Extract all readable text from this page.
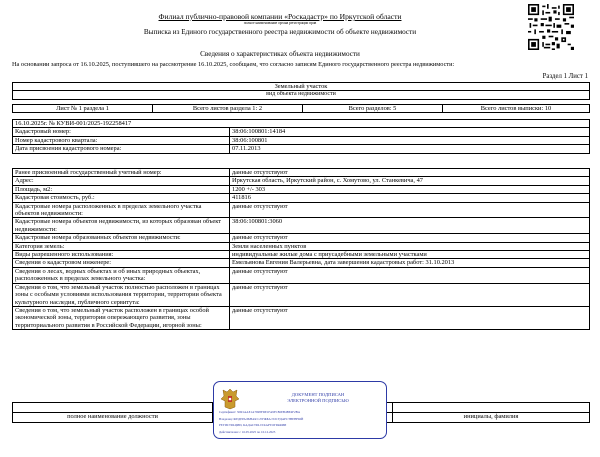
Филиал публично-правовой компании «Роскадастр» по Иркутской области
полное наименование органа регистрации прав
Выписка из Единого государственного реестра недвижимости об объекте недвижимости
Сведения о характеристиках объекта недвижимости
На основании запроса от 16.10.2025, поступившего на рассмотрение 16.10.2025, сообщаем, что согласно записям Единого государственного реестра недвижимости:
Раздел 1 Лист 1
Земельный участок
вид объекта недвижимости
Лист № 1 раздела 1	Всего листов раздела 1: 2	Всего разделов: 5	Всего листов выписки: 10
16.10.2025г. № КУВИ-001/2025-192258417	
Кадастровый номер:	38:06:100801:14184
Номер кадастрового квартала:	38:06:100801
Дата присвоения кадастрового номера:	07.11.2013
Ранее присвоенный государственный учетный номер:	данные отсутствуют
Адрес:	Иркутская область, Иркутский район, с. Хомутово, ул. Станкевича, 47
Площадь, м2:	1200 +/- 303
Кадастровая стоимость, руб.:	411816
Кадастровые номера расположенных в пределах земельного участка объектов недвижимости:	данные отсутствуют
Кадастровые номера объектов недвижимости, из которых образован объект недвижимости:	38:06:100801:3060
Кадастровые номера образованных объектов недвижимости:	данные отсутствуют
Категория земель:	Земли населенных пунктов
Виды разрешенного использования:	индивидуальные жилые дома с приусадебными земельными участками
Сведения о кадастровом инженере:	Емельянова Евгения Валерьевна, дата завершения кадастровых работ: 31.10.2013
Сведения о лесах, водных объектах и об иных природных объектах, расположенных в пределах земельного участка:	данные отсутствуют
Сведения о том, что земельный участок полностью расположен в границах зоны с особыми условиями использования территории, территории объекта культурного наследия, публичного сервитута:	данные отсутствуют
Сведения о том, что земельный участок расположен в границах особой экономической зоны, территории опережающего развития, зоны территориального развития в Российской Федерации, игорной зоны:	данные отсутствуют

полное наименование должности		инициалы, фамилия
ДОКУМЕНТ ПОДПИСАН
ЭЛЕКТРОННОЙ ПОДПИСЬЮ
Сертификат: 3D91AAE1A7698FDE1FA9FC86EB4BE4F2BA
Владелец: ФЕДЕРАЛЬНАЯ СЛУЖБА ГОСУДАРСТВЕННОЙ
РЕГИСТРАЦИИ, КАДАСТРА И КАРТОГРАФИИ
Действителен: с 16.05.2025 по 10.12.2025
